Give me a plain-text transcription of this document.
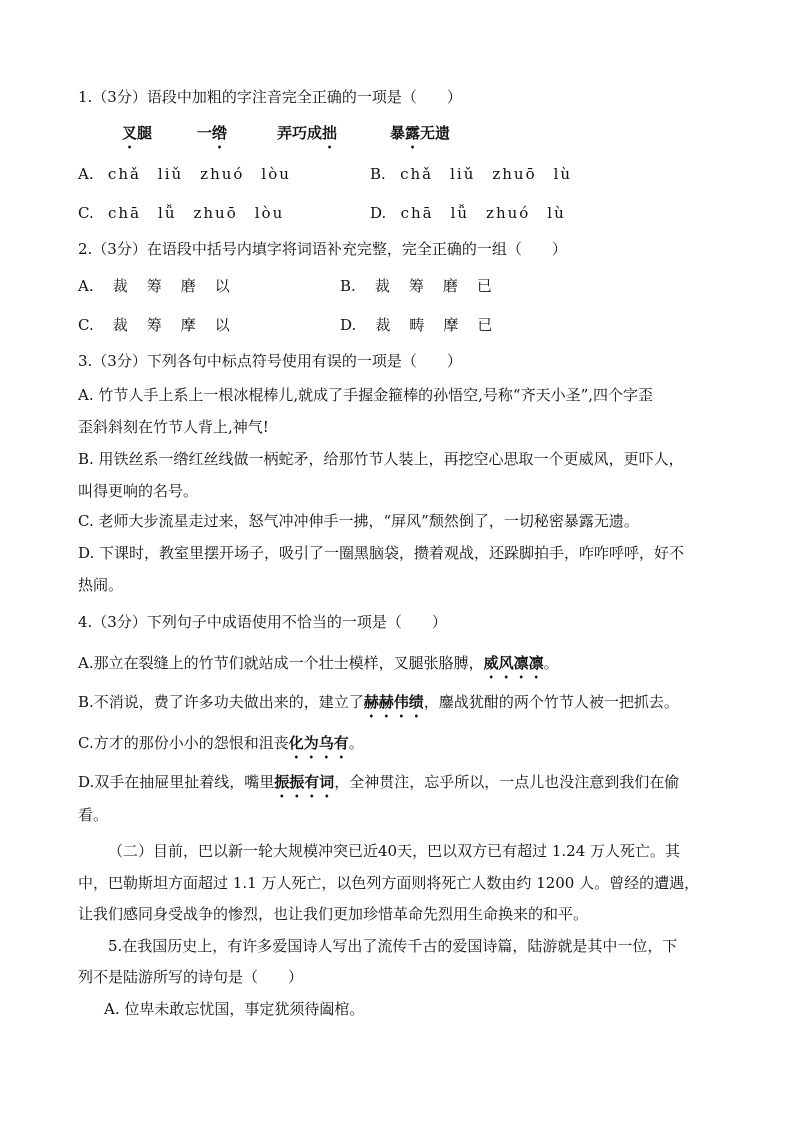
1.（3分）语段中加粗的字注音完全正确的一项是（　　）
叉腿	一绺	弄巧成拙	暴露无遗
A. chǎ　liǔ　zhuó　lòu	B. chǎ　liǔ　zhuō　lù
C. chā　lǚ　zhuō　lòu	D. chā　lǚ　zhuó　lù
2.（3分）在语段中括号内填字将词语补充完整，完全正确的一组（　　）
A. 裁　筹　磨　以	B. 裁　筹　磨　已
C. 裁　筹　摩　以	D. 裁　畴　摩　已
3.（3分）下列各句中标点符号使用有误的一项是（　　）
A. 竹节人手上系上一根冰棍棒儿,就成了手握金箍棒的孙悟空,号称“齐天小圣”,四个字歪
歪斜斜刻在竹节人背上,神气!
B. 用铁丝系一绺红丝线做一柄蛇矛，给那竹节人装上，再挖空心思取一个更威风，更吓人，
叫得更响的名号。
C. 老师大步流星走过来，怒气冲冲伸手一拂，“屏风”颓然倒了，一切秘密暴露无遗。
D. 下课时，教室里摆开场子，吸引了一圈黑脑袋，攒着观战，还跺脚拍手，咋咋呼呼，好不
热闹。
4.（3分）下列句子中成语使用不恰当的一项是（　　）
A.那立在裂缝上的竹节们就站成一个壮士模样，叉腿张胳膊，威风凛凛。
B.不消说，费了许多功夫做出来的，建立了赫赫伟绩，鏖战犹酣的两个竹节人被一把抓去。
C.方才的那份小小的怨恨和沮丧化为乌有。
D.双手在抽屉里扯着线，嘴里振振有词，全神贯注，忘乎所以，一点儿也没注意到我们在偷
看。
（二）目前，巴以新一轮大规模冲突已近40天，巴以双方已有超过 1.24 万人死亡。其
中，巴勒斯坦方面超过 1.1 万人死亡，以色列方面则将死亡人数由约 1200 人。曾经的遭遇，
让我们感同身受战争的惨烈，也让我们更加珍惜革命先烈用生命换来的和平。
5.在我国历史上，有许多爱国诗人写出了流传千古的爱国诗篇，陆游就是其中一位，下
列不是陆游所写的诗句是（　　）
A. 位卑未敢忘忧国，事定犹须待阖棺。
